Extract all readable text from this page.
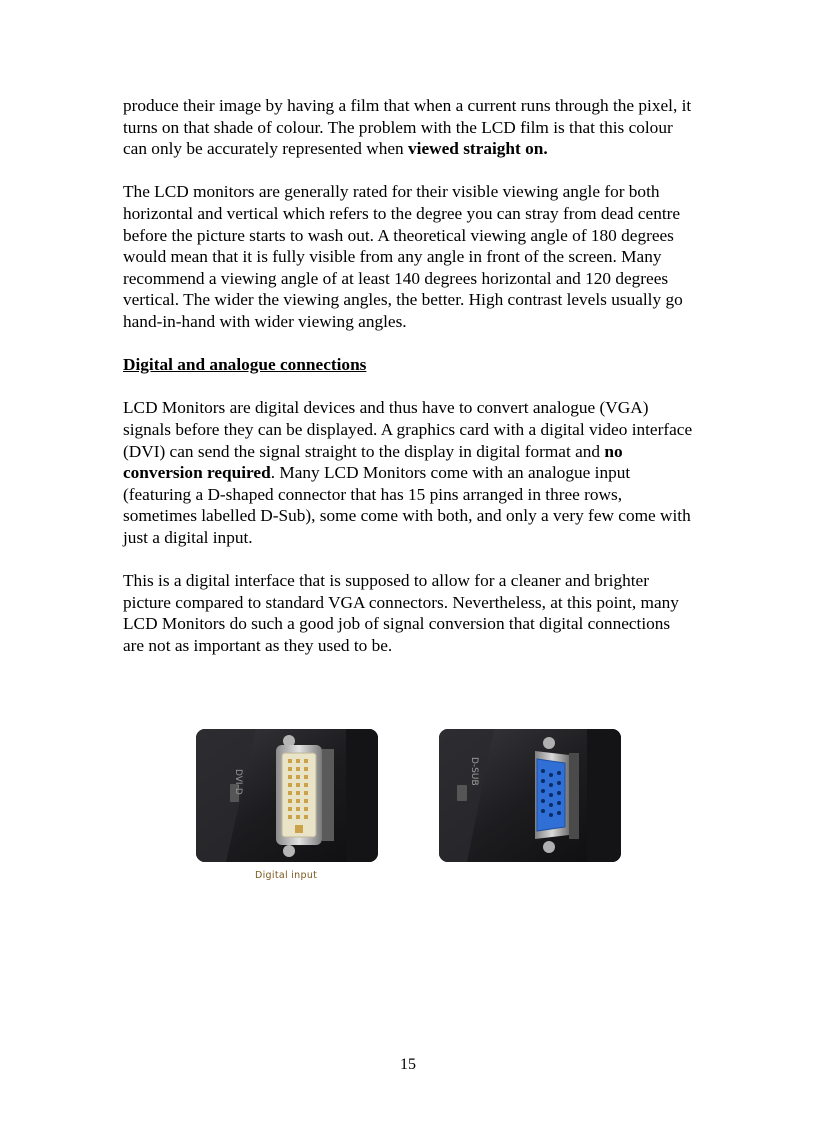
produce their image by having a film that when a current runs through the pixel, it turns on that shade of colour. The problem with the LCD film is that this colour can only be accurately represented when viewed straight on.

The LCD monitors are generally rated for their visible viewing angle for both horizontal and vertical which refers to the degree you can stray from dead centre before the picture starts to wash out. A theoretical viewing angle of 180 degrees would mean that it is fully visible from any angle in front of the screen. Many recommend a viewing angle of at least 140 degrees horizontal and 120 degrees vertical. The wider the viewing angles, the better. High contrast levels usually go hand-in-hand with wider viewing angles.

Digital and analogue connections

LCD Monitors are digital devices and thus have to convert analogue (VGA) signals before they can be displayed. A graphics card with a digital video interface (DVI) can send the signal straight to the display in digital format and no conversion required. Many LCD Monitors come with an analogue input (featuring a D-shaped connector that has 15 pins arranged in three rows, sometimes labelled D-Sub), some come with both, and only a very few come with just a digital input.

This is a digital interface that is supposed to allow for a cleaner and brighter picture compared to standard VGA connectors. Nevertheless, at this point, many LCD Monitors do such a good job of signal conversion that digital connections are not as important as they used to be.

DVI-D	D-SUB
Digital input
15
